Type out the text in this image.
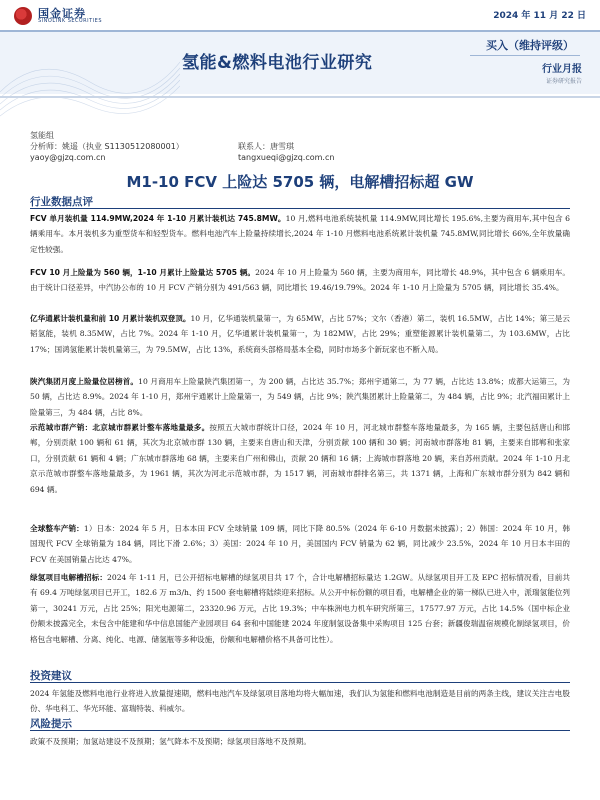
国金证券
SINOLINK SECURITIES	2024 年 11 月 22 日
氢能&燃料电池行业研究
买入（维持评级）
行业月报
证券研究报告
氢能组
分析师：姚遥（执业 S1130512080001）
yaoy@gjzq.com.cn
联系人：唐雪琪
tangxueqi@gjzq.com.cn
M1-10 FCV 上险达 5705 辆，电解槽招标超 GW
行业数据点评
FCV 单月装机量 114.9MW,2024 年 1-10 月累计装机达 745.8MW。10 月,燃料电池系统装机量 114.9MW,同比增长 195.6%,主要为商用车,其中包含 6 辆乘用车。本月装机多为重型货车和轻型货车。燃料电池汽车上险量持续增长,2024 年 1-10 月燃料电池系统累计装机量 745.8MW,同比增长 66%,全年放量确定性较强。
FCV 10 月上险量为 560 辆，1-10 月累计上险量达 5705 辆。2024 年 10 月上险量为 560 辆，主要为商用车，同比增长 48.9%，其中包含 6 辆乘用车。由于统计口径差异，中汽协公布的 10 月 FCV 产销分别为 491/563 辆，同比增长 19.46/19.79%。2024 年 1-10 月上险量为 5705 辆，同比增长 35.4%。
亿华通累计装机量和前 10 月累计装机双登顶。10 月，亿华通装机量第一，为 65MW，占比 57%；文尔（香港）第二，装机 16.5MW，占比 14%；第三是云韬氢能，装机 8.35MW，占比 7%。2024 年 1-10 月，亿华通累计装机量第一，为 182MW，占比 29%；重塑能源累计装机量第二，为 103.6MW，占比 17%；国鸿氢能累计装机量第三，为 79.5MW，占比 13%，系统商头部格局基本全稳，同时市场多个新玩家也不断入局。
陕汽集团月度上险量位居榜首。10 月商用车上险量陕汽集团第一，为 200 辆，占比达 35.7%；郑州宇通第二，为 77 辆，占比达 13.8%；成都大运第三，为 50 辆，占比达 8.9%。2024 年 1-10 月，郑州宇通累计上险量第一，为 549 辆，占比 9%；陕汽集团累计上险量第二，为 484 辆，占比 9%；北汽福田累计上险量第三，为 484 辆，占比 8%。
示范城市群产销：北京城市群累计整车落地量最多。按照五大城市群统计口径，2024 年 10 月，河北城市群整车落地量最多，为 165 辆，主要包括唐山和邯郸，分别贡献 100 辆和 61 辆，其次为北京城市群 130 辆，主要来自唐山和天津，分别贡献 100 辆和 30 辆；河南城市群落地 81 辆，主要来自邯郸和张家口，分别贡献 61 辆和 4 辆；广东城市群落地 68 辆，主要来自广州和佛山，贡献 20 辆和 16 辆；上海城市群落地 20 辆，来自苏州贡献。2024 年 1-10 月北京示范城市群整车落地量最多，为 1961 辆，其次为河北示范城市群，为 1517 辆，河南城市群排名第三，共 1371 辆，上海和广东城市群分别为 842 辆和 694 辆。
全球整车产销：1）日本：2024 年 5 月，日本本田 FCV 全球销量 109 辆，同比下降 80.5%（2024 年 6-10 月数据未披露）；2）韩国：2024 年 10 月，韩国现代 FCV 全球销量为 184 辆，同比下滑 2.6%；3）美国：2024 年 10 月，美国国内 FCV 销量为 62 辆，同比减少 23.5%，2024 年 10 月日本丰田的 FCV 在美国销量占比达 47%。
绿氢项目电解槽招标：2024 年 1-11 月，已公开招标电解槽的绿氢项目共 17 个，合计电解槽招标量达 1.2GW。从绿氢项目开工及 EPC 招标情况看，目前共有 69.4 万吨绿氢项目已开工，182.6 万 m3/h、约 1500 套电解槽将陆续迎来招标。从公开中标份额的项目看，电解槽企业的第一梯队已进入中，派瑞氢能位列第一，30241 万元，占比 25%；阳光电源第二，23320.96 万元，占比 19.3%；中车株洲电力机车研究所第三，17577.97 万元，占比 14.5%（国中标企业份额未披露完全，未包含中能建和华中信息国能产业园项目 64 套和中国能建 2024 年度制氢设备集中采购项目 125 台套；新疆俊瑞温宿规模化制绿氢项目，价格包含电解槽、分离、纯化、电源、储氢瓶等多种设施，份额和电解槽价格不具备可比性）。
投资建议
2024 年氢能及燃料电池行业将进入放量提速期，燃料电池汽车及绿氢项目落地均将大幅加速，我们认为氢能和燃料电池制造是目前的两条主线，建议关注吉电股份、华电科工、华光环能、富瑞特装、科威尔。
风险提示
政策不及预期；加氢站建设不及预期；氢气降本不及预期；绿氢项目落地不及预期。
